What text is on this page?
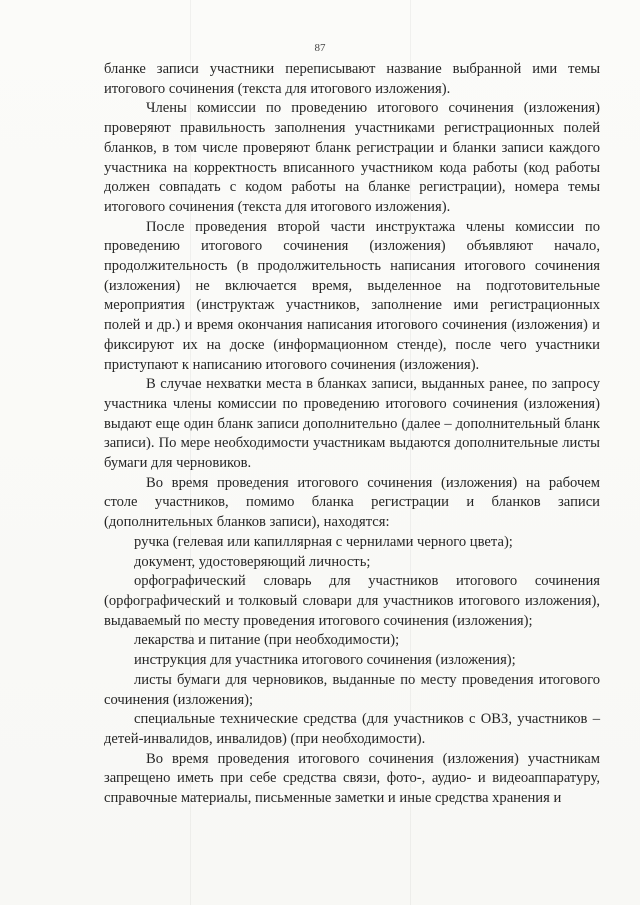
87

бланке записи участники переписывают название выбранной ими темы итогового сочинения (текста для итогового изложения).

Члены комиссии по проведению итогового сочинения (изложения) проверяют правильность заполнения участниками регистрационных полей бланков, в том числе проверяют бланк регистрации и бланки записи каждого участника на корректность вписанного участником кода работы (код работы должен совпадать с кодом работы на бланке регистрации), номера темы итогового сочинения (текста для итогового изложения).

После проведения второй части инструктажа члены комиссии по проведению итогового сочинения (изложения) объявляют начало, продолжительность (в продолжительность написания итогового сочинения (изложения) не включается время, выделенное на подготовительные мероприятия (инструктаж участников, заполнение ими регистрационных полей и др.) и время окончания написания итогового сочинения (изложения) и фиксируют их на доске (информационном стенде), после чего участники приступают к написанию итогового сочинения (изложения).

В случае нехватки места в бланках записи, выданных ранее, по запросу участника члены комиссии по проведению итогового сочинения (изложения) выдают еще один бланк записи дополнительно (далее – дополнительный бланк записи). По мере необходимости участникам выдаются дополнительные листы бумаги для черновиков.

Во время проведения итогового сочинения (изложения) на рабочем столе участников, помимо бланка регистрации и бланков записи (дополнительных бланков записи), находятся:

ручка (гелевая или капиллярная с чернилами черного цвета);

документ, удостоверяющий личность;

орфографический словарь для участников итогового сочинения (орфографический и толковый словари для участников итогового изложения), выдаваемый по месту проведения итогового сочинения (изложения);

лекарства и питание (при необходимости);

инструкция для участника итогового сочинения (изложения);

листы бумаги для черновиков, выданные по месту проведения итогового сочинения (изложения);

специальные технические средства (для участников с ОВЗ, участников – детей-инвалидов, инвалидов) (при необходимости).

Во время проведения итогового сочинения (изложения) участникам запрещено иметь при себе средства связи, фото-, аудио- и видеоаппаратуру, справочные материалы, письменные заметки и иные средства хранения и
